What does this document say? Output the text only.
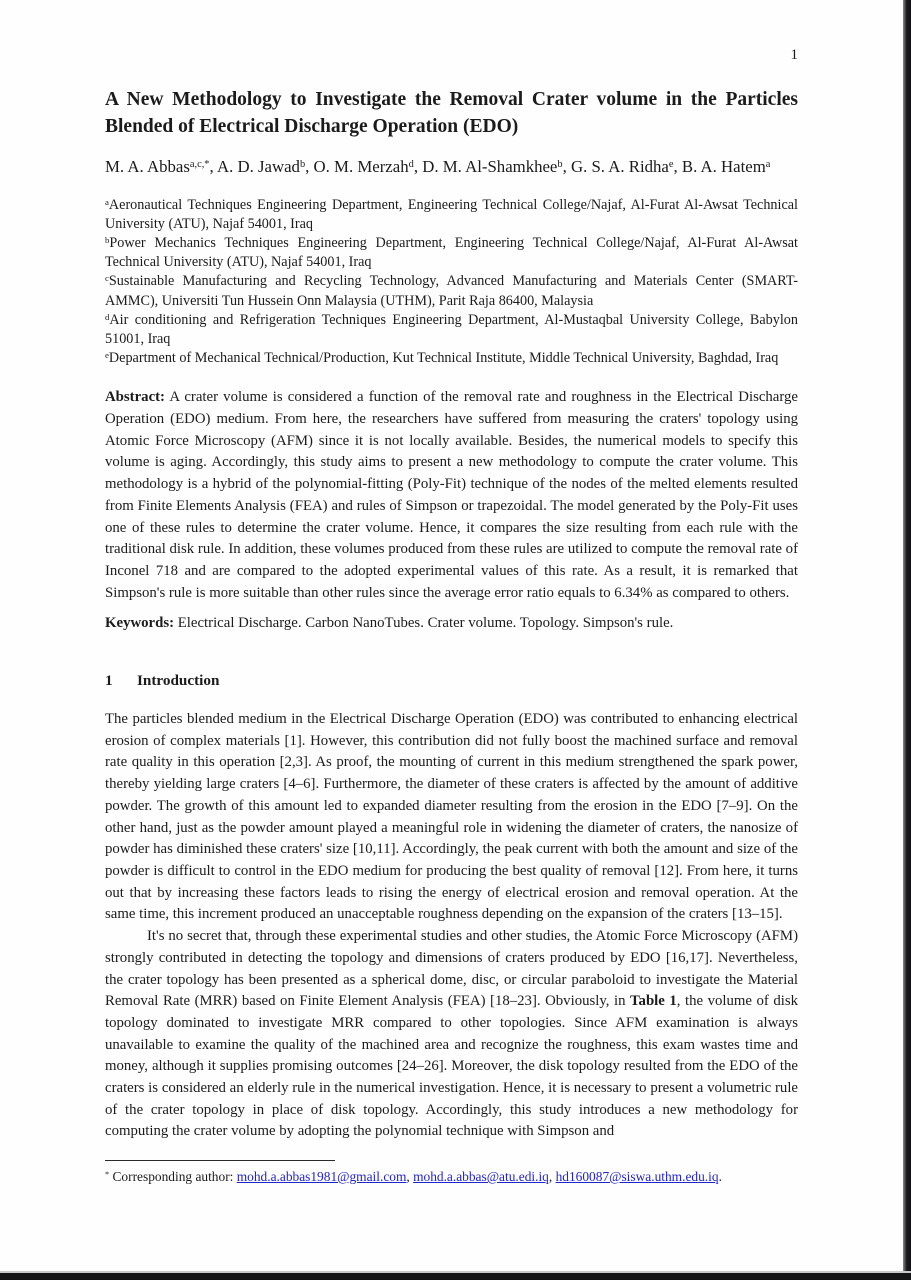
1
A New Methodology to Investigate the Removal Crater volume in the Particles Blended of Electrical Discharge Operation (EDO)
M. A. Abbas$^{a,c,*}$, A. D. Jawad$^b$, O. M. Merzah$^d$, D. M. Al-Shamkhee$^b$, G. S. A. Ridha$^e$, B. A. Hatem$^a$
$^a$Aeronautical Techniques Engineering Department, Engineering Technical College/Najaf, Al-Furat Al-Awsat Technical University (ATU), Najaf 54001, Iraq
$^b$Power Mechanics Techniques Engineering Department, Engineering Technical College/Najaf, Al-Furat Al-Awsat Technical University (ATU), Najaf 54001, Iraq
$^c$Sustainable Manufacturing and Recycling Technology, Advanced Manufacturing and Materials Center (SMART-AMMC), Universiti Tun Hussein Onn Malaysia (UTHM), Parit Raja 86400, Malaysia
$^d$Air conditioning and Refrigeration Techniques Engineering Department, Al-Mustaqbal University College, Babylon 51001, Iraq
$^e$Department of Mechanical Technical/Production, Kut Technical Institute, Middle Technical University, Baghdad, Iraq
Abstract: A crater volume is considered a function of the removal rate and roughness in the Electrical Discharge Operation (EDO) medium. From here, the researchers have suffered from measuring the craters' topology using Atomic Force Microscopy (AFM) since it is not locally available. Besides, the numerical models to specify this volume is aging. Accordingly, this study aims to present a new methodology to compute the crater volume. This methodology is a hybrid of the polynomial-fitting (Poly-Fit) technique of the nodes of the melted elements resulted from Finite Elements Analysis (FEA) and rules of Simpson or trapezoidal. The model generated by the Poly-Fit uses one of these rules to determine the crater volume. Hence, it compares the size resulting from each rule with the traditional disk rule. In addition, these volumes produced from these rules are utilized to compute the removal rate of Inconel 718 and are compared to the adopted experimental values of this rate. As a result, it is remarked that Simpson's rule is more suitable than other rules since the average error ratio equals to 6.34% as compared to others.
Keywords: Electrical Discharge. Carbon NanoTubes. Crater volume. Topology. Simpson's rule.
1 Introduction

The particles blended medium in the Electrical Discharge Operation (EDO) was contributed to enhancing electrical erosion of complex materials [1]. However, this contribution did not fully boost the machined surface and removal rate quality in this operation [2,3]. As proof, the mounting of current in this medium strengthened the spark power, thereby yielding large craters [4–6]. Furthermore, the diameter of these craters is affected by the amount of additive powder. The growth of this amount led to expanded diameter resulting from the erosion in the EDO [7–9]. On the other hand, just as the powder amount played a meaningful role in widening the diameter of craters, the nanosize of powder has diminished these craters' size [10,11]. Accordingly, the peak current with both the amount and size of the powder is difficult to control in the EDO medium for producing the best quality of removal [12]. From here, it turns out that by increasing these factors leads to rising the energy of electrical erosion and removal operation. At the same time, this increment produced an unacceptable roughness depending on the expansion of the craters [13–15].

It's no secret that, through these experimental studies and other studies, the Atomic Force Microscopy (AFM) strongly contributed in detecting the topology and dimensions of craters produced by EDO [16,17]. Nevertheless, the crater topology has been presented as a spherical dome, disc, or circular paraboloid to investigate the Material Removal Rate (MRR) based on Finite Element Analysis (FEA) [18–23]. Obviously, in Table 1, the volume of disk topology dominated to investigate MRR compared to other topologies. Since AFM examination is always unavailable to examine the quality of the machined area and recognize the roughness, this exam wastes time and money, although it supplies promising outcomes [24–26]. Moreover, the disk topology resulted from the EDO of the craters is considered an elderly rule in the numerical investigation. Hence, it is necessary to present a volumetric rule of the crater topology in place of disk topology. Accordingly, this study introduces a new methodology for computing the crater volume by adopting the polynomial technique with Simpson and

* Corresponding author: mohd.a.abbas1981@gmail.com, mohd.a.abbas@atu.edi.iq, hd160087@siswa.uthm.edu.iq.
